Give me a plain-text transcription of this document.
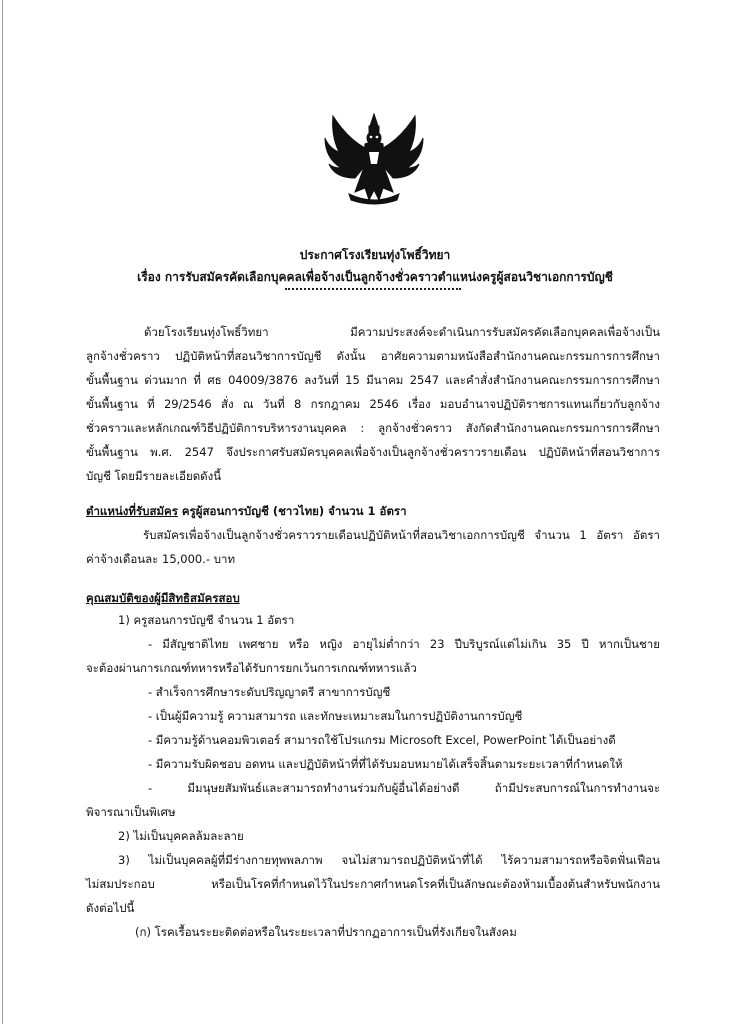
ประกาศโรงเรียนทุ่งโพธิ์วิทยา
เรื่อง การรับสมัครคัดเลือกบุคคลเพื่อจ้างเป็นลูกจ้างชั่วคราวตำแหน่งครูผู้สอนวิชาเอกการบัญชี
ด้วยโรงเรียนทุ่งโพธิ์วิทยา มีความประสงค์จะดำเนินการรับสมัครคัดเลือกบุคคลเพื่อจ้างเป็น
ลูกจ้างชั่วคราว ปฏิบัติหน้าที่สอนวิชาการบัญชี ดังนั้น อาศัยความตามหนังสือสำนักงานคณะกรรมการการศึกษา
ขั้นพื้นฐาน ด่วนมาก ที่ ศธ 04009/3876 ลงวันที่ 15 มีนาคม 2547 และคำสั่งสำนักงานคณะกรรมการการศึกษา
ขั้นพื้นฐาน ที่ 29/2546 สั่ง ณ วันที่ 8 กรกฎาคม 2546 เรื่อง มอบอำนาจปฏิบัติราชการแทนเกี่ยวกับลูกจ้าง
ชั่วคราวและหลักเกณฑ์วิธีปฏิบัติการบริหารงานบุคคล : ลูกจ้างชั่วคราว สังกัดสำนักงานคณะกรรมการการศึกษา
ขั้นพื้นฐาน พ.ศ. 2547 จึงประกาศรับสมัครบุคคลเพื่อจ้างเป็นลูกจ้างชั่วคราวรายเดือน ปฏิบัติหน้าที่สอนวิชาการ
บัญชี โดยมีรายละเอียดดังนี้
ตำแหน่งที่รับสมัคร ครูผู้สอนการบัญชี (ชาวไทย) จำนวน 1 อัตรา
รับสมัครเพื่อจ้างเป็นลูกจ้างชั่วคราวรายเดือนปฏิบัติหน้าที่สอนวิชาเอกการบัญชี จำนวน 1 อัตรา อัตรา
ค่าจ้างเดือนละ 15,000.- บาท
คุณสมบัติของผู้มีสิทธิสมัครสอบ
1) ครูสอนการบัญชี จำนวน 1 อัตรา
- มีสัญชาติไทย เพศชาย หรือ หญิง อายุไม่ต่ำกว่า 23 ปีบริบูรณ์แต่ไม่เกิน 35 ปี หากเป็นชาย
จะต้องผ่านการเกณฑ์ทหารหรือได้รับการยกเว้นการเกณฑ์ทหารแล้ว
- สำเร็จการศึกษาระดับปริญญาตรี สาขาการบัญชี
- เป็นผู้มีความรู้ ความสามารถ และทักษะเหมาะสมในการปฏิบัติงานการบัญชี
- มีความรู้ด้านคอมพิวเตอร์ สามารถใช้โปรแกรม Microsoft Excel, PowerPoint ได้เป็นอย่างดี
- มีความรับผิดชอบ อดทน และปฏิบัติหน้าที่ที่ได้รับมอบหมายได้เสร็จสิ้นตามระยะเวลาที่กำหนดให้
- มีมนุษยสัมพันธ์และสามารถทำงานร่วมกับผู้อื่นได้อย่างดี ถ้ามีประสบการณ์ในการทำงานจะ
พิจารณาเป็นพิเศษ
2) ไม่เป็นบุคคลล้มละลาย
3) ไม่เป็นบุคคลผู้ที่มีร่างกายทุพพลภาพ จนไม่สามารถปฏิบัติหน้าที่ได้ ไร้ความสามารถหรือจิตฟั่นเฟือน
ไม่สมประกอบ หรือเป็นโรคที่กำหนดไว้ในประกาศกำหนดโรคที่เป็นลักษณะต้องห้ามเบื้องต้นสำหรับพนักงาน
ดังต่อไปนี้
(ก) โรคเรื้อนระยะติดต่อหรือในระยะเวลาที่ปรากฏอาการเป็นที่รังเกียจในสังคม
